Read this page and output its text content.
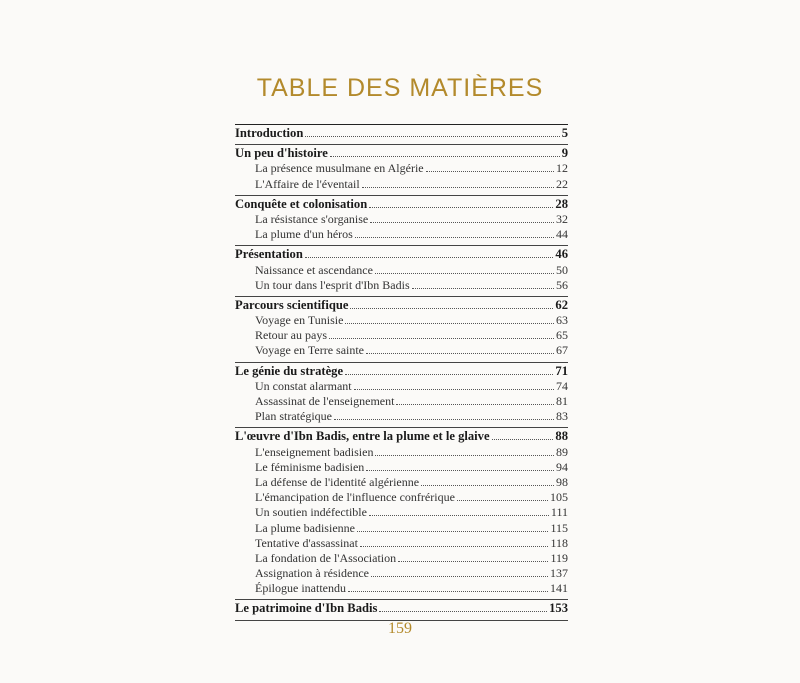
TABLE DES MATIÈRES
Introduction	5
Un peu d'histoire	9
La présence musulmane en Algérie	12
L'Affaire de l'éventail	22
Conquête et colonisation	28
La résistance s'organise	32
La plume d'un héros	44
Présentation	46
Naissance et ascendance	50
Un tour dans l'esprit d'Ibn Badis	56
Parcours scientifique	62
Voyage en Tunisie	63
Retour au pays	65
Voyage en Terre sainte	67
Le génie du stratège	71
Un constat alarmant	74
Assassinat de l'enseignement	81
Plan stratégique	83
L'œuvre d'Ibn Badis, entre la plume et le glaive	88
L'enseignement badisien	89
Le féminisme badisien	94
La défense de l'identité algérienne	98
L'émancipation de l'influence confrérique	105
Un soutien indéfectible	111
La plume badisienne	115
Tentative d'assassinat	118
La fondation de l'Association	119
Assignation à résidence	137
Épilogue inattendu	141
Le patrimoine d'Ibn Badis	153
159
